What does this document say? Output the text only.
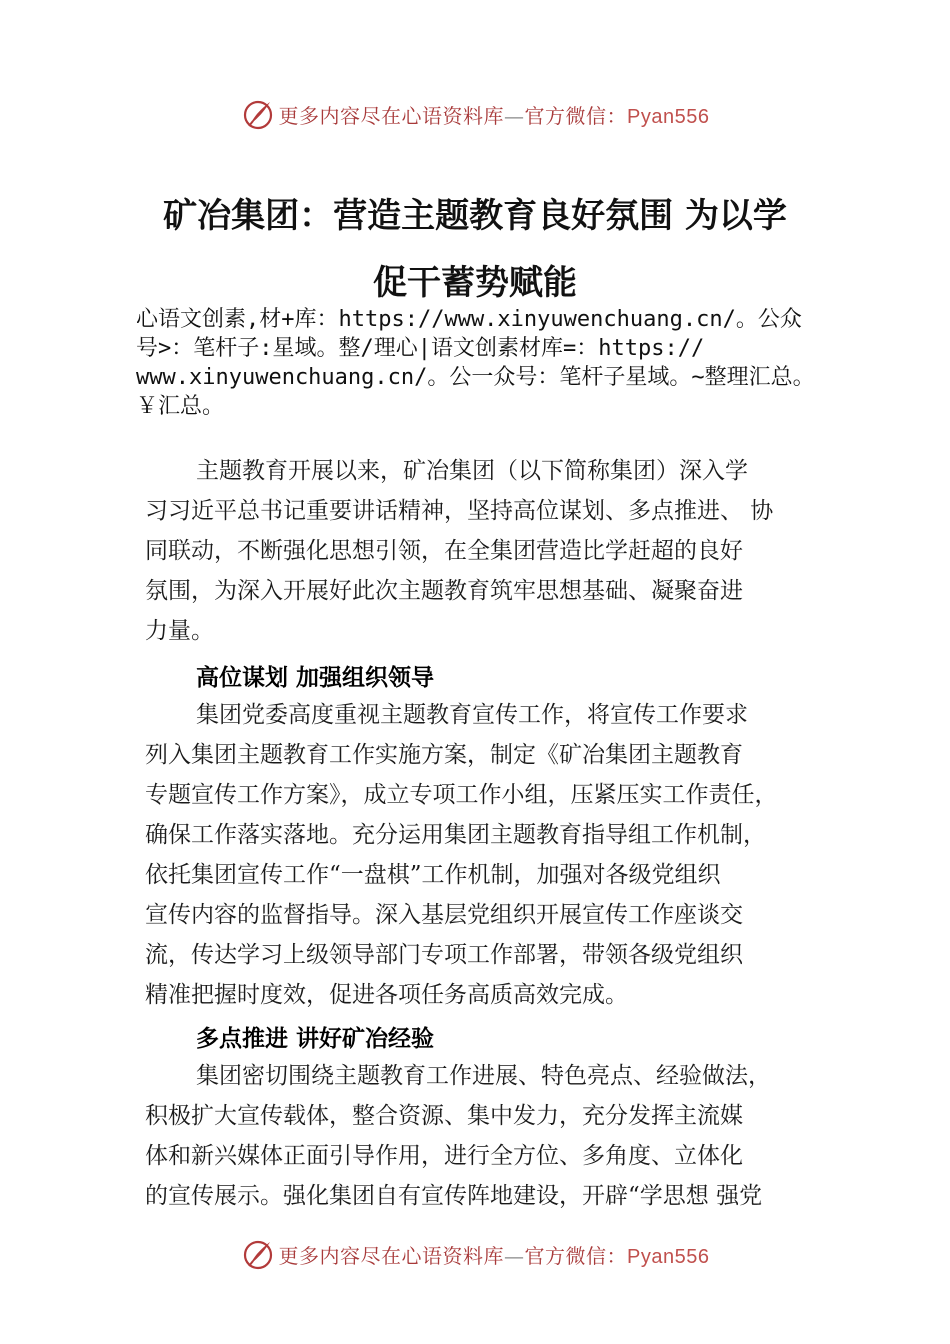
更多内容尽在心语资料库—官方微信：Pyan556
矿冶集团：营造主题教育良好氛围 为以学
促干蓄势赋能
心语文创素,材+库：https://www.xinyuwenchuang.cn/。公众
号>：笔杆子:星域。整/理心|语文创素材库=：https://
www.xinyuwenchuang.cn/。公一众号：笔杆子星域。~整理汇总。
￥汇总。
主题教育开展以来，矿冶集团（以下简称集团）深入学
习习近平总书记重要讲话精神，坚持高位谋划、多点推进、 协
同联动，不断强化思想引领，在全集团营造比学赶超的良好
氛围，为深入开展好此次主题教育筑牢思想基础、凝聚奋进
力量。
高位谋划 加强组织领导
集团党委高度重视主题教育宣传工作，将宣传工作要求
列入集团主题教育工作实施方案，制定《矿冶集团主题教育
专题宣传工作方案》，成立专项工作小组，压紧压实工作责任，
确保工作落实落地。充分运用集团主题教育指导组工作机制，
依托集团宣传工作“一盘棋”工作机制，加强对各级党组织
宣传内容的监督指导。深入基层党组织开展宣传工作座谈交
流，传达学习上级领导部门专项工作部署，带领各级党组织
精准把握时度效，促进各项任务高质高效完成。
多点推进 讲好矿冶经验
集团密切围绕主题教育工作进展、特色亮点、经验做法，
积极扩大宣传载体，整合资源、集中发力，充分发挥主流媒
体和新兴媒体正面引导作用，进行全方位、多角度、立体化
的宣传展示。强化集团自有宣传阵地建设，开辟“学思想 强党
更多内容尽在心语资料库—官方微信：Pyan556
